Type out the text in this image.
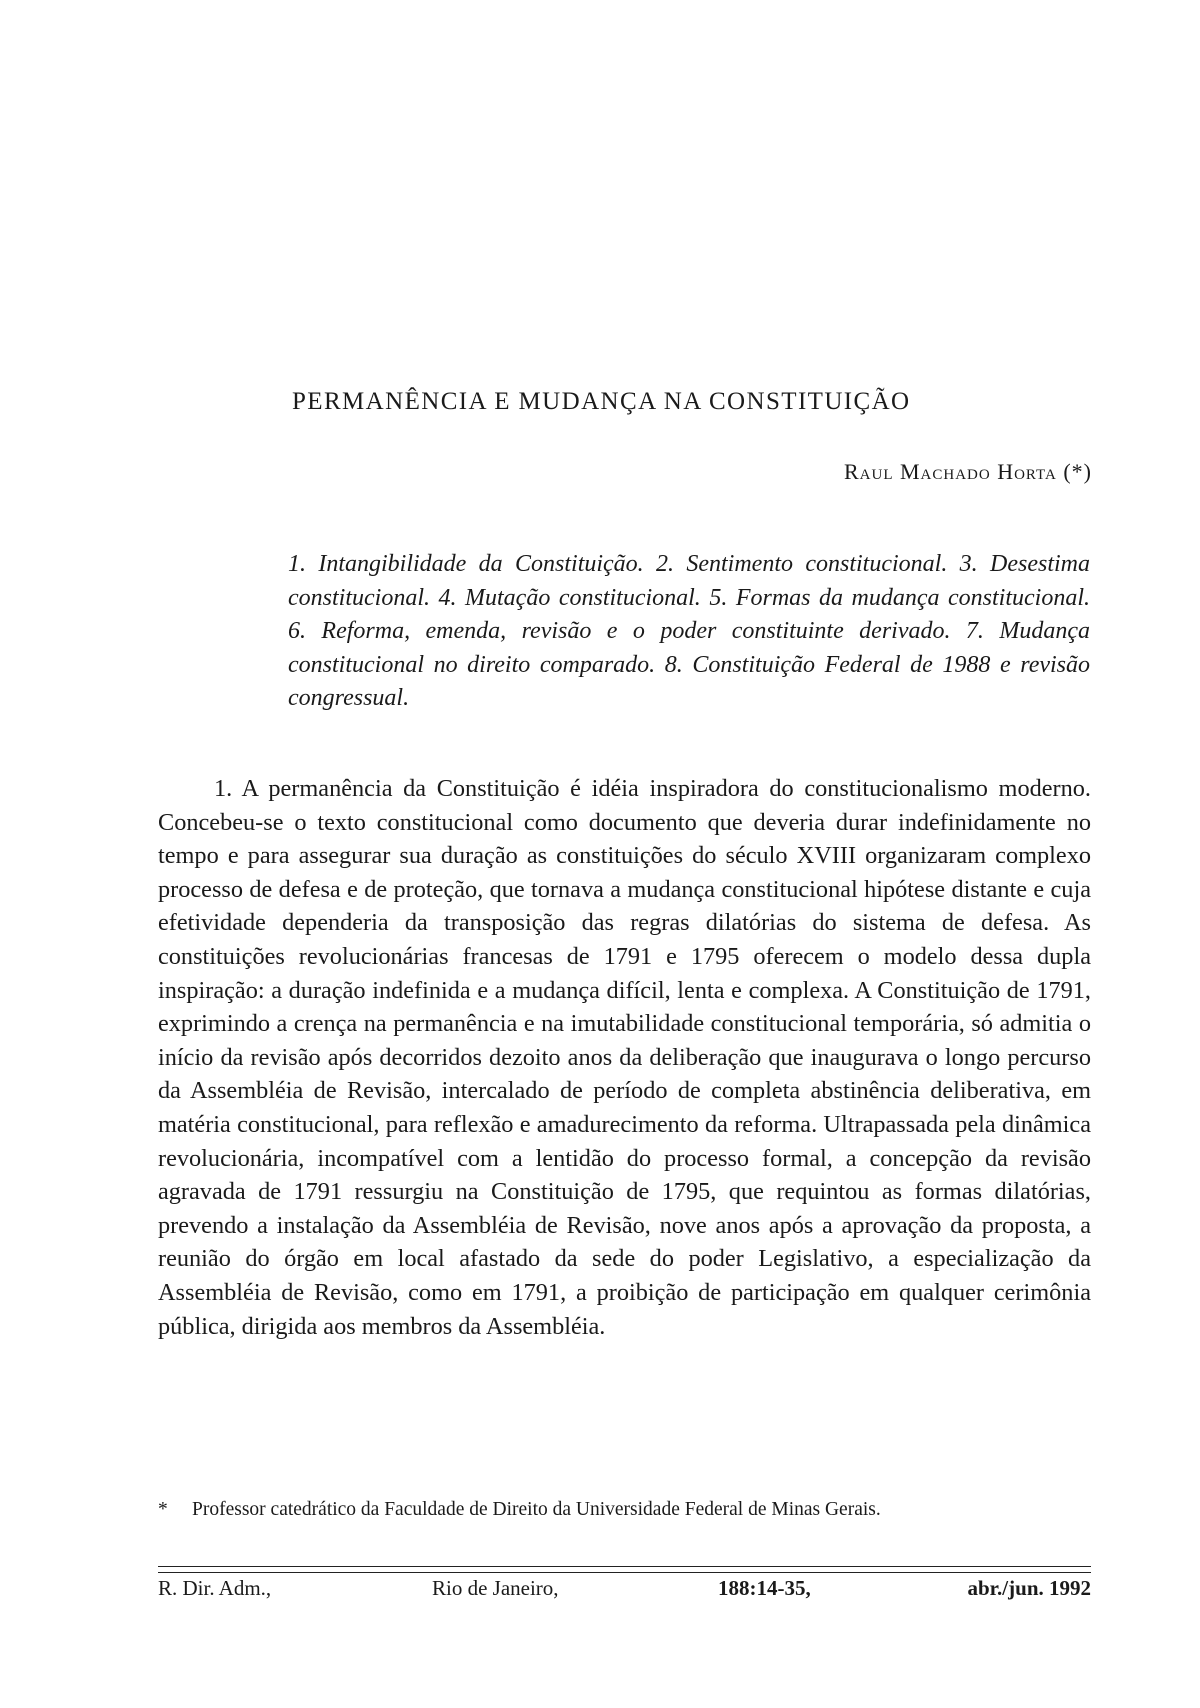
PERMANÊNCIA E MUDANÇA NA CONSTITUIÇÃO
Raul Machado Horta (*)

1. Intangibilidade da Constituição. 2. Sentimento constitucional. 3. Desestima constitucional. 4. Mutação constitucional. 5. Formas da mudança constitucional. 6. Reforma, emenda, revisão e o poder constituinte derivado. 7. Mudança constitucional no direito comparado. 8. Constituição Federal de 1988 e revisão congressual.

1. A permanência da Constituição é idéia inspiradora do constitucionalismo moderno. Concebeu-se o texto constitucional como documento que deveria durar indefinidamente no tempo e para assegurar sua duração as constituições do século XVIII organizaram complexo processo de defesa e de proteção, que tornava a mudança constitucional hipótese distante e cuja efetividade dependeria da transposição das regras dilatórias do sistema de defesa. As constituições revolucionárias francesas de 1791 e 1795 oferecem o modelo dessa dupla inspiração: a duração indefinida e a mudança difícil, lenta e complexa. A Constituição de 1791, exprimindo a crença na permanência e na imutabilidade constitucional temporária, só admitia o início da revisão após decorridos dezoito anos da deliberação que inaugurava o longo percurso da Assembléia de Revisão, intercalado de período de completa abstinência deliberativa, em matéria constitucional, para reflexão e amadurecimento da reforma. Ultrapassada pela dinâmica revolucionária, incompatível com a lentidão do processo formal, a concepção da revisão agravada de 1791 ressurgiu na Constituição de 1795, que requintou as formas dilatórias, prevendo a instalação da Assembléia de Revisão, nove anos após a aprovação da proposta, a reunião do órgão em local afastado da sede do poder Legislativo, a especialização da Assembléia de Revisão, como em 1791, a proibição de participação em qualquer cerimônia pública, dirigida aos membros da Assembléia.

* Professor catedrático da Faculdade de Direito da Universidade Federal de Minas Gerais.
R. Dir. Adm.,	Rio de Janeiro,	188:14-35,	abr./jun. 1992
